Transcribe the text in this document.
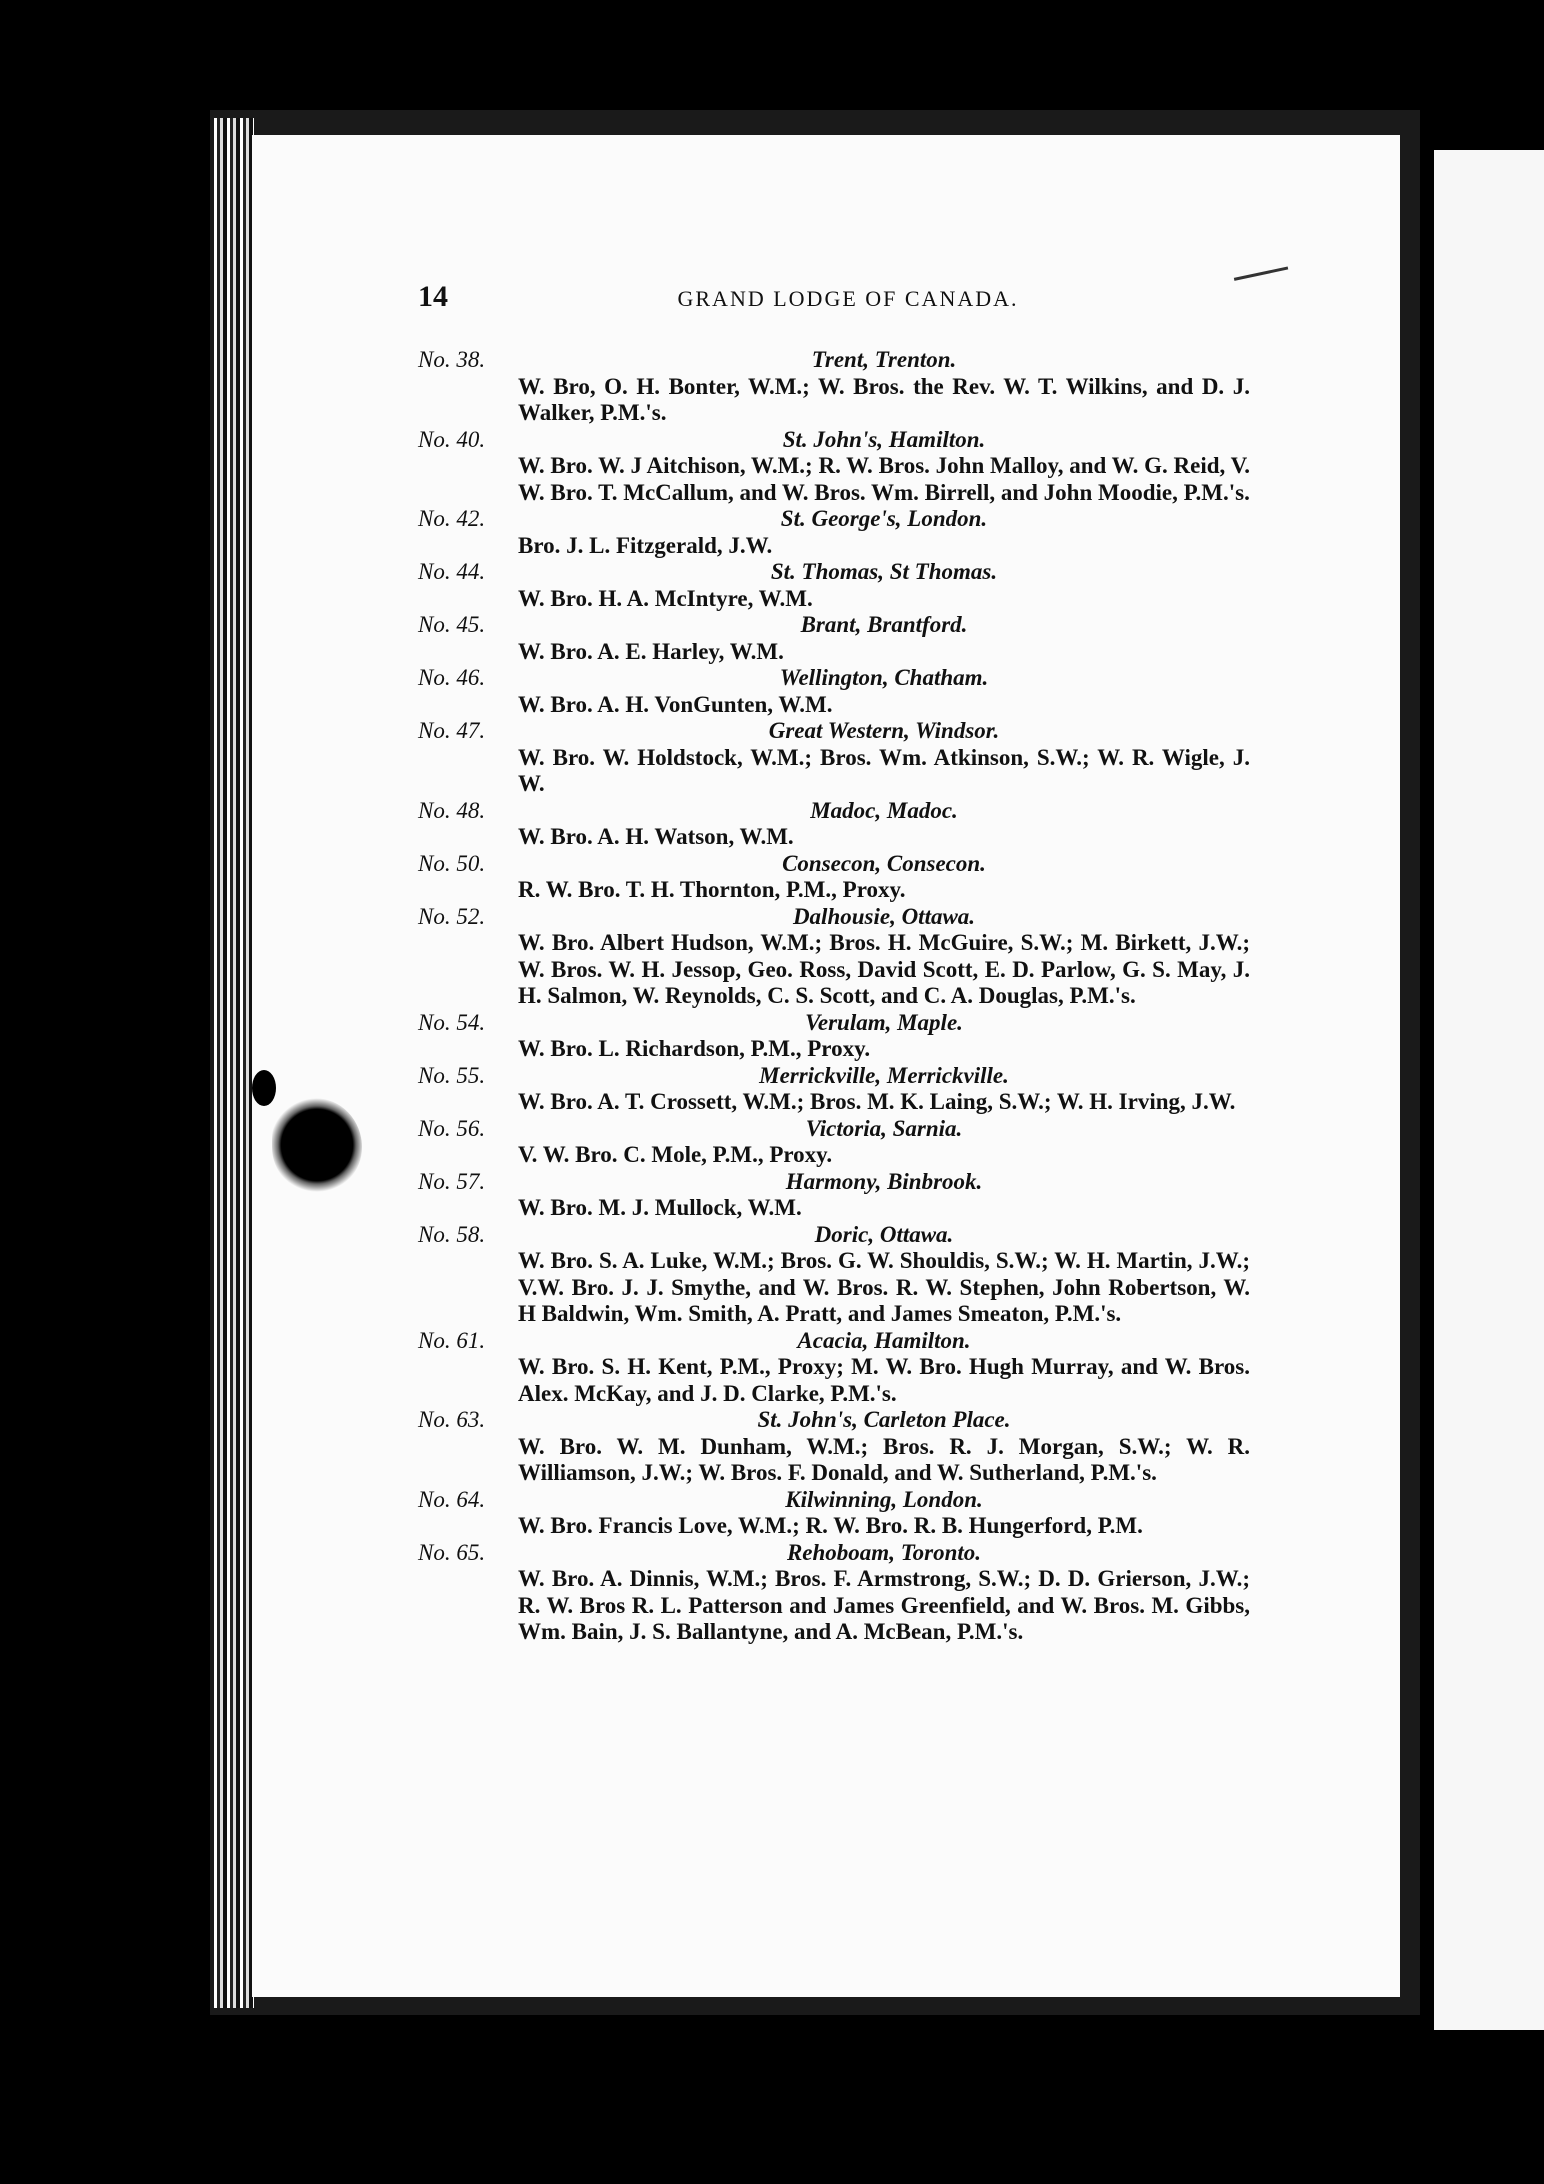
14	GRAND LODGE OF CANADA.
No. 38.	Trent, Trenton.
W. Bro, O. H. Bonter, W.M.; W. Bros. the Rev. W. T. Wilkins, and D. J. Walker, P.M.'s.
No. 40.	St. John's, Hamilton.
W. Bro. W. J Aitchison, W.M.; R. W. Bros. John Malloy, and W. G. Reid, V. W. Bro. T. McCallum, and W. Bros. Wm. Birrell, and John Moodie, P.M.'s.
No. 42.	St. George's, London.
Bro. J. L. Fitzgerald, J.W.
No. 44.	St. Thomas, St Thomas.
W. Bro. H. A. McIntyre, W.M.
No. 45.	Brant, Brantford.
W. Bro. A. E. Harley, W.M.
No. 46.	Wellington, Chatham.
W. Bro. A. H. VonGunten, W.M.
No. 47.	Great Western, Windsor.
W. Bro. W. Holdstock, W.M.; Bros. Wm. Atkinson, S.W.; W. R. Wigle, J. W.
No. 48.	Madoc, Madoc.
W. Bro. A. H. Watson, W.M.
No. 50.	Consecon, Consecon.
R. W. Bro. T. H. Thornton, P.M., Proxy.
No. 52.	Dalhousie, Ottawa.
W. Bro. Albert Hudson, W.M.; Bros. H. McGuire, S.W.; M. Birkett, J.W.; W. Bros. W. H. Jessop, Geo. Ross, David Scott, E. D. Parlow, G. S. May, J. H. Salmon, W. Reynolds, C. S. Scott, and C. A. Douglas, P.M.'s.
No. 54.	Verulam, Maple.
W. Bro. L. Richardson, P.M., Proxy.
No. 55.	Merrickville, Merrickville.
W. Bro. A. T. Crossett, W.M.; Bros. M. K. Laing, S.W.; W. H. Irving, J.W.
No. 56.	Victoria, Sarnia.
V. W. Bro. C. Mole, P.M., Proxy.
No. 57.	Harmony, Binbrook.
W. Bro. M. J. Mullock, W.M.
No. 58.	Doric, Ottawa.
W. Bro. S. A. Luke, W.M.; Bros. G. W. Shouldis, S.W.; W. H. Martin, J.W.; V.W. Bro. J. J. Smythe, and W. Bros. R. W. Stephen, John Robertson, W. H Baldwin, Wm. Smith, A. Pratt, and James Smeaton, P.M.'s.
No. 61.	Acacia, Hamilton.
W. Bro. S. H. Kent, P.M., Proxy; M. W. Bro. Hugh Murray, and W. Bros. Alex. McKay, and J. D. Clarke, P.M.'s.
No. 63.	St. John's, Carleton Place.
W. Bro. W. M. Dunham, W.M.; Bros. R. J. Morgan, S.W.; W. R. Williamson, J.W.; W. Bros. F. Donald, and W. Sutherland, P.M.'s.
No. 64.	Kilwinning, London.
W. Bro. Francis Love, W.M.; R. W. Bro. R. B. Hungerford, P.M.
No. 65.	Rehoboam, Toronto.
W. Bro. A. Dinnis, W.M.; Bros. F. Armstrong, S.W.; D. D. Grierson, J.W.; R. W. Bros R. L. Patterson and James Greenfield, and W. Bros. M. Gibbs, Wm. Bain, J. S. Ballantyne, and A. McBean, P.M.'s.
